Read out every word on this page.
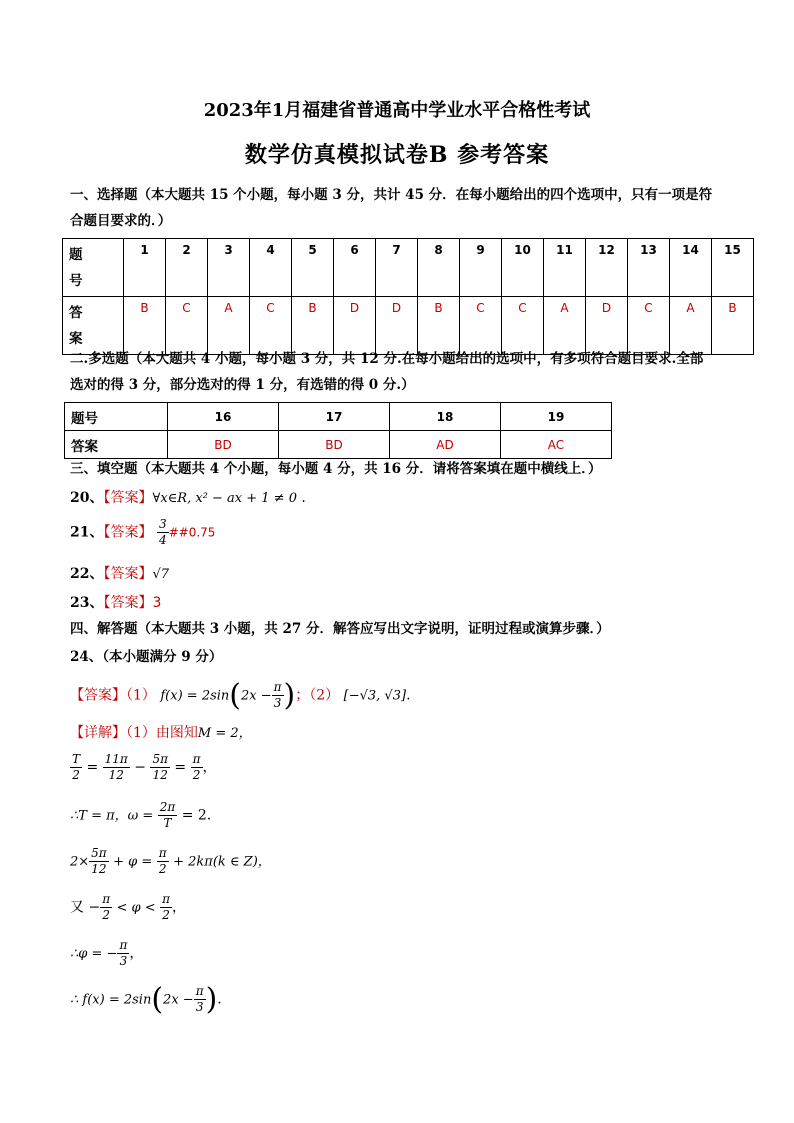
2023年1月福建省普通高中学业水平合格性考试
数学仿真模拟试卷B 参考答案
一、选择题（本大题共 15 个小题，每小题 3 分，共计 45 分．在每小题给出的四个选项中，只有一项是符
合题目要求的．）
题号	1	2	3	4	5	6	7	8	9	10	11	12	13	14	15
答案	B	C	A	C	B	D	D	B	C	C	A	D	C	A	B
二.多选题（本大题共 4 小题，每小题 3 分，共 12 分.在每小题给出的选项中，有多项符合题目要求.全部
选对的得 3 分，部分选对的得 1 分，有选错的得 0 分.）
题号	16	17	18	19
答案	BD	BD	AD	AC
三、填空题（本大题共 4 个小题，每小题 4 分，共 16 分．请将答案填在题中横线上．）
20、【答案】∀x∈R, x² − ax + 1 ≠ 0 .
21、【答案】 $\frac{3}{4}$ ##0.75
22、【答案】√7
23、【答案】3
四、解答题（本大题共 3 小题，共 27 分．解答应写出文字说明，证明过程或演算步骤．）
24、（本小题满分 9 分）
【答案】（1） $f(x) = 2\sin(2x - \frac{\pi}{3}$ )；（2） [−√3, √3].
【详解】（1）由图知M = 2，
$\frac{T}{2} = \frac{11\pi}{12} - \frac{5\pi}{12} = \frac{\pi}{2}$ ，
∴T = π，$\omega = \frac{2\pi}{T} = 2$.
$2\times \frac{5\pi}{12} + \varphi = \frac{\pi}{2} + 2k\pi(k$ ∈ Z)，
又 − $\frac{\pi}{2} < \varphi < \frac{\pi}{2}$ ，
∴φ = − $\frac{\pi}{3}$ ，
∴ $f(x) = 2\sin(2x - \frac{\pi}{3}$ ).
